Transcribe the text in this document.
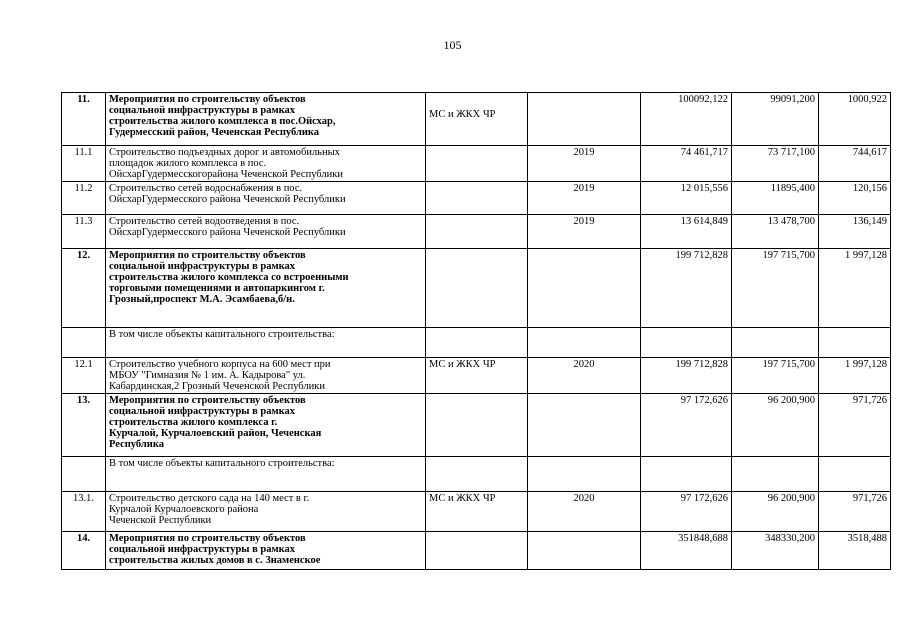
105
11.	Мероприятия по строительству объектов
социальной инфраструктуры в рамках
строительства жилого комплекса в пос.Ойсхар,
Гудермесский район, Чеченская Республика	МС и ЖКХ ЧР		100092,122	99091,200	1000,922
11.1	Строительство подъездных дорог и автомобильных
площадок жилого комплекса в пос.
ОйсхарГудермесскогорайона Чеченской Республики		2019	74 461,717	73 717,100	744,617
11.2	Строительство сетей водоснабжения в пос.
ОйсхарГудермесского района Чеченской Республики		2019	12 015,556	11895,400	120,156
11.3	Строительство сетей водоотведения в пос.
ОйсхарГудермесского района Чеченской Республики		2019	13 614,849	13 478,700	136,149
12.	Мероприятия по строительству объектов
социальной инфраструктуры в рамках
строительства жилого комплекса со встроенными
торговыми помещениями и автопаркингом г.
Грозный,проспект М.А. Эсамбаева,б/н.			199 712,828	197 715,700	1 997,128
	В том числе объекты капитального строительства:	

12.1	Строительство учебного корпуса на 600 мест при
МБОУ "Гимназия № 1 им. А. Кадырова" ул.
Кабардинская,2 Грозный Чеченской Республики	МС и ЖКХ ЧР	2020	199 712,828	197 715,700	1 997,128
13.	Мероприятия по строительству объектов
социальной инфраструктуры в рамках
строительства жилого комплекса г.
Курчалой, Курчалоевский район, Чеченская
Республика			97 172,626	96 200,900	971,726
	В том числе объекты капитального строительства:	

13.1.	Строительство детского сада на 140 мест в г.
Курчалой Курчалоевского района
Чеченской Республики	МС и ЖКХ ЧР	2020	97 172,626	96 200,900	971,726
14.	Мероприятия по строительству объектов
социальной инфраструктуры в рамках
строительства жилых домов в с. Знаменское			351848,688	348330,200	3518,488
